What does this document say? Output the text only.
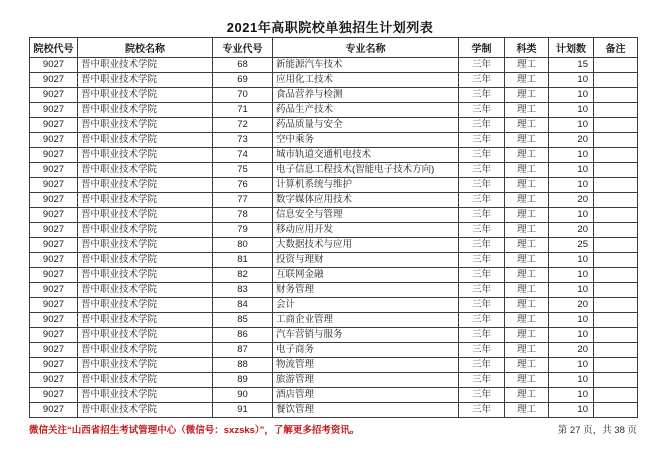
2021年高职院校单独招生计划列表
院校代号	院校名称	专业代号	专业名称	学制	科类	计划数	备注
9027	晋中职业技术学院	68	新能源汽车技术	三年	理工	15	
9027	晋中职业技术学院	69	应用化工技术	三年	理工	10	
9027	晋中职业技术学院	70	食品营养与检测	三年	理工	10	
9027	晋中职业技术学院	71	药品生产技术	三年	理工	10	
9027	晋中职业技术学院	72	药品质量与安全	三年	理工	10	
9027	晋中职业技术学院	73	空中乘务	三年	理工	20	
9027	晋中职业技术学院	74	城市轨道交通机电技术	三年	理工	10	
9027	晋中职业技术学院	75	电子信息工程技术(智能电子技术方向)	三年	理工	10	
9027	晋中职业技术学院	76	计算机系统与维护	三年	理工	10	
9027	晋中职业技术学院	77	数字媒体应用技术	三年	理工	20	
9027	晋中职业技术学院	78	信息安全与管理	三年	理工	10	
9027	晋中职业技术学院	79	移动应用开发	三年	理工	20	
9027	晋中职业技术学院	80	大数据技术与应用	三年	理工	25	
9027	晋中职业技术学院	81	投资与理财	三年	理工	10	
9027	晋中职业技术学院	82	互联网金融	三年	理工	10	
9027	晋中职业技术学院	83	财务管理	三年	理工	10	
9027	晋中职业技术学院	84	会计	三年	理工	20	
9027	晋中职业技术学院	85	工商企业管理	三年	理工	10	
9027	晋中职业技术学院	86	汽车营销与服务	三年	理工	10	
9027	晋中职业技术学院	87	电子商务	三年	理工	20	
9027	晋中职业技术学院	88	物流管理	三年	理工	10	
9027	晋中职业技术学院	89	旅游管理	三年	理工	10	
9027	晋中职业技术学院	90	酒店管理	三年	理工	10	
9027	晋中职业技术学院	91	餐饮管理	三年	理工	10	
微信关注“山西省招生考试管理中心（微信号：sxzsks）”，了解更多招考资讯。	第 27 页，共 38 页
